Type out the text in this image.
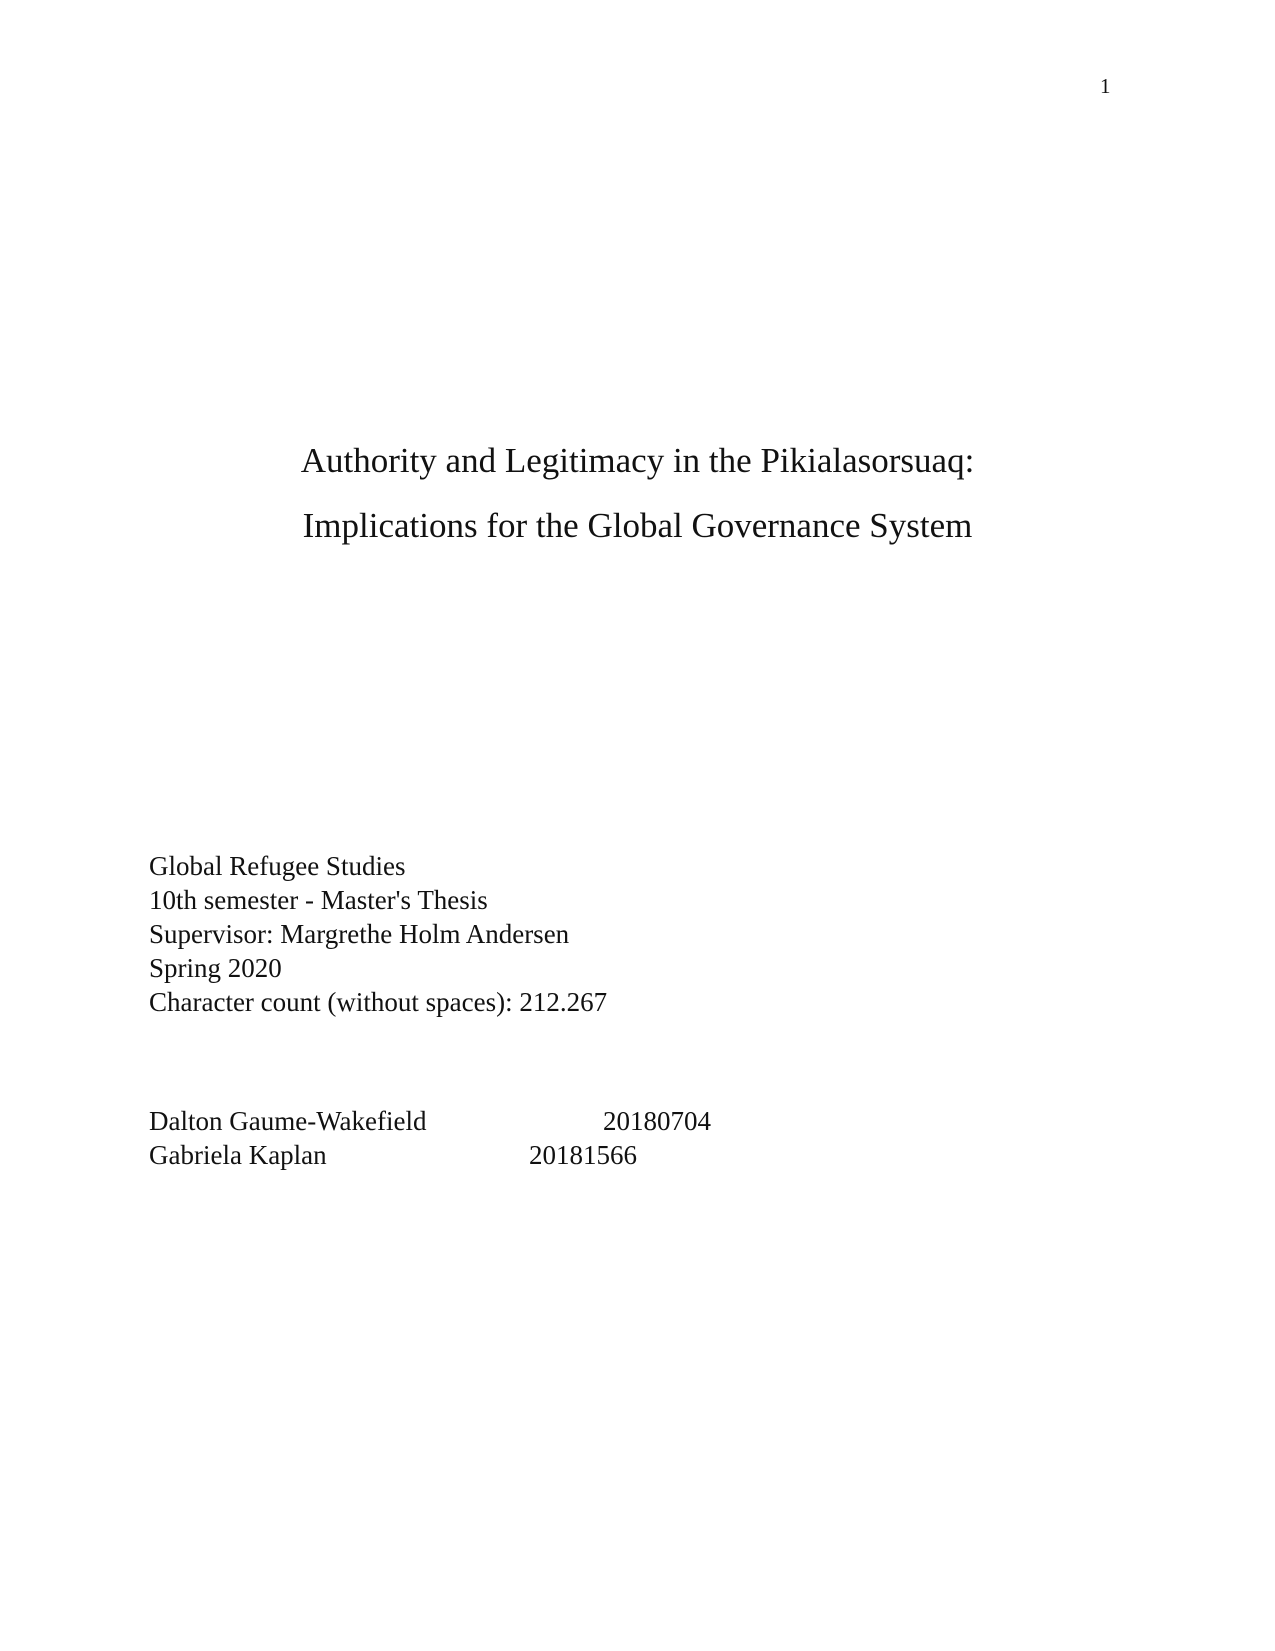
1
Authority and Legitimacy in the Pikialasorsuaq:
Implications for the Global Governance System
Global Refugee Studies
10th semester - Master's Thesis
Supervisor: Margrethe Holm Andersen
Spring 2020
Character count (without spaces): 212.267
Dalton Gaume-Wakefield	20180704
Gabriela Kaplan	20181566
